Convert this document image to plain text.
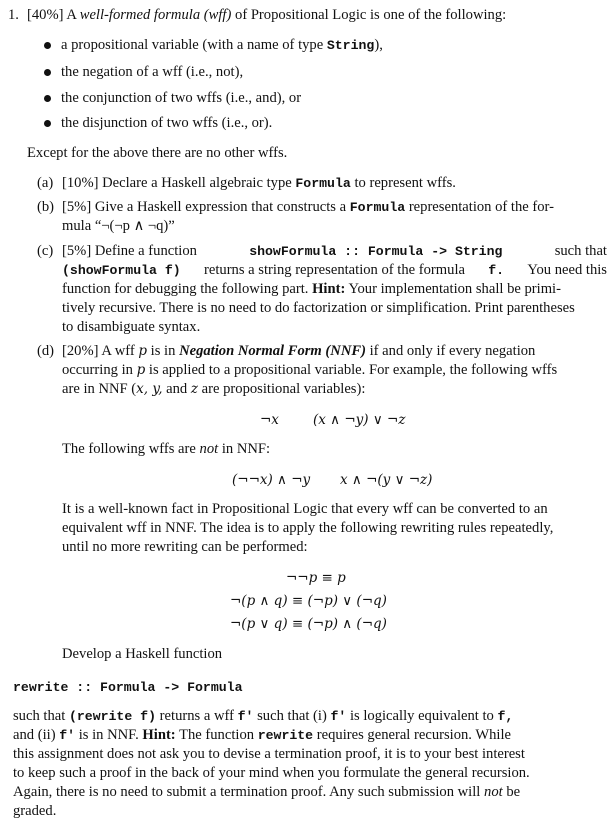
1. [40%] A well-formed formula (wff) of Propositional Logic is one of the following:
a propositional variable (with a name of type String),
the negation of a wff (i.e., not),
the conjunction of two wffs (i.e., and), or
the disjunction of two wffs (i.e., or).
Except for the above there are no other wffs.
(a) [10%] Declare a Haskell algebraic type Formula to represent wffs.
(b) [5%] Give a Haskell expression that constructs a Formula representation of the for-
mula “¬(¬p ∧ ¬q)”
(c) [5%] Define a function	showFormula :: Formula -> String	such that
(showFormula f) returns a string representation of the formula f. You need this
function for debugging the following part. Hint: Your implementation shall be primi-
tively recursive. There is no need to do factorization or simplification. Print parentheses
to disambiguate syntax.
(d) [20%] A wff p is in Negation Normal Form (NNF) if and only if every negation
occurring in p is applied to a propositional variable. For example, the following wffs
are in NNF (x, y, and z are propositional variables):
¬x	(x ∧ ¬y) ∨ ¬z
The following wffs are not in NNF:
(¬¬x) ∧ ¬y x ∧ ¬(y ∨ ¬z)
It is a well-known fact in Propositional Logic that every wff can be converted to an
equivalent wff in NNF. The idea is to apply the following rewriting rules repeatedly,
until no more rewriting can be performed:
¬¬p ≡ p
¬(p ∧ q) ≡ (¬p) ∨ (¬q)
¬(p ∨ q) ≡ (¬p) ∧ (¬q)
Develop a Haskell function
rewrite :: Formula -> Formula
such that (rewrite f) returns a wff f' such that (i) f' is logically equivalent to f,
and (ii) f' is in NNF. Hint: The function rewrite requires general recursion. While
this assignment does not ask you to devise a termination proof, it is to your best interest
to keep such a proof in the back of your mind when you formulate the general recursion.
Again, there is no need to submit a termination proof. Any such submission will not be
graded.
